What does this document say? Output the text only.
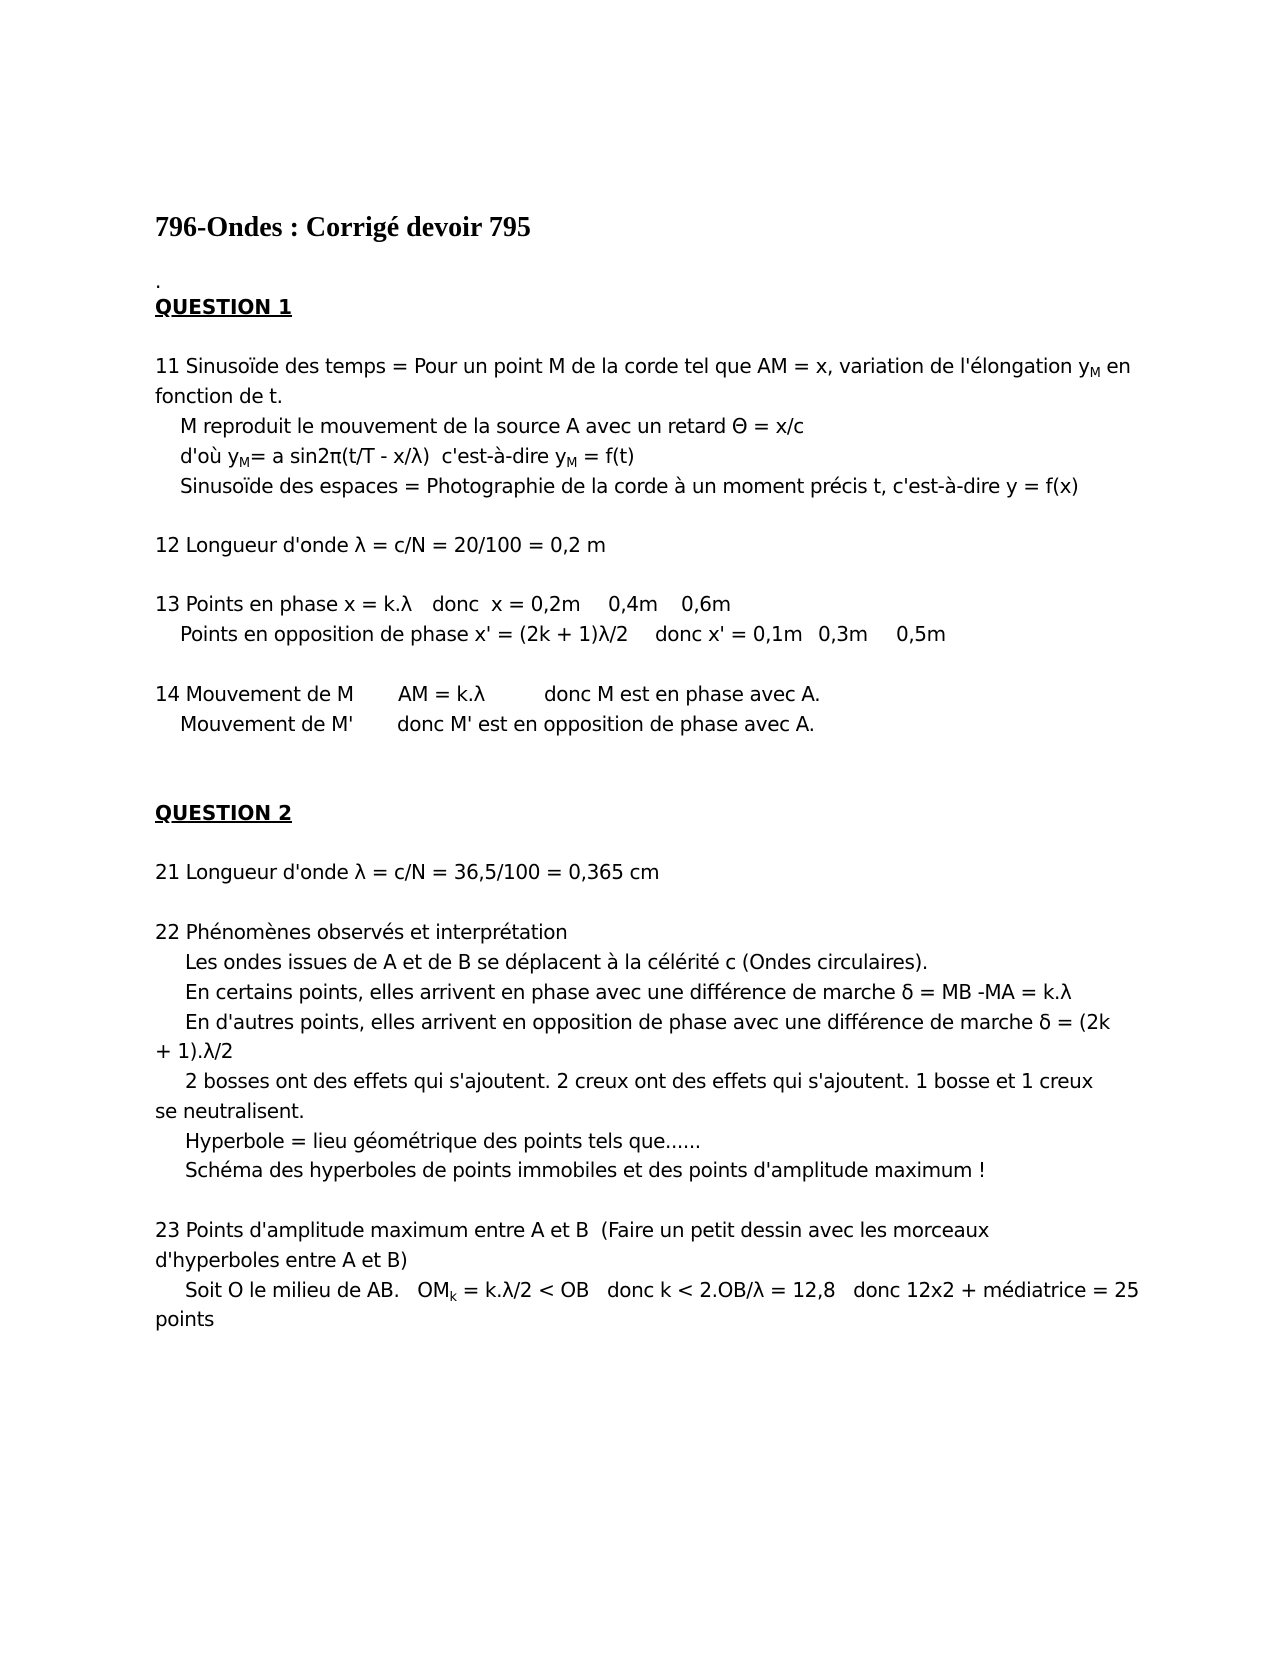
796-Ondes : Corrigé devoir 795
.
QUESTION 1
11 Sinusoïde des temps = Pour un point M de la corde tel que AM = x, variation de l'élongation $y_M$ en
fonction de t.
M reproduit le mouvement de la source A avec un retard Θ = x/c
d'où $y_M= a$ sin2π(t/T - x/λ)  c'est-à-dire $y_M = f(t)$
Sinusoïde des espaces = Photographie de la corde à un moment précis t, c'est-à-dire y = f(x)
12 Longueur d'onde λ = c/N = 20/100 = 0,2 m

13 Points en phase x = k.λ

donc  x = 0,2m

0,4m

0,6m

Points en opposition de phase x' = (2k + 1)λ/2

donc x' = 0,1m

0,3m

0,5m

14 Mouvement de M

AM = k.λ

	donc M est en phase avec A.

Mouvement de M'

donc M' est en opposition de phase avec A.

QUESTION 2
21 Longueur d'onde λ = c/N = 36,5/100 = 0,365 cm
22 Phénomènes observés et interprétation
Les ondes issues de A et de B se déplacent à la célérité c (Ondes circulaires).
En certains points, elles arrivent en phase avec une différence de marche δ = MB -MA = k.λ
En d'autres points, elles arrivent en opposition de phase avec une différence de marche δ = (2k
+ 1).λ/2
2 bosses ont des effets qui s'ajoutent. 2 creux ont des effets qui s'ajoutent. 1 bosse et 1 creux
se neutralisent.
Hyperbole = lieu géométrique des points tels que......
Schéma des hyperboles de points immobiles et des points d'amplitude maximum !
23 Points d'amplitude maximum entre A et B  (Faire un petit dessin avec les morceaux
d'hyperboles entre A et B)
Soit O le milieu de AB.   $OM_k = k.\lambda/2$ < OB   donc k < 2.OB/λ = 12,8   donc 12x2 + médiatrice = 25
points
